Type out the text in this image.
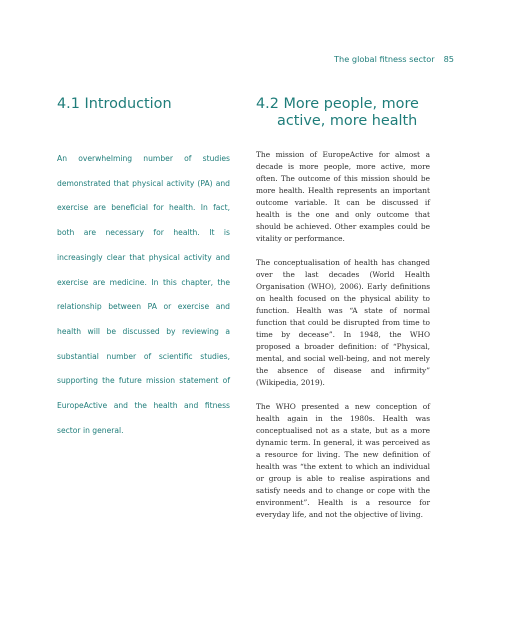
The global fitness sector 85
4.1 Introduction
An overwhelming number of studies demonstrated that physical activity (PA) and exercise are beneficial for health. In fact, both are necessary for health. It is increasingly clear that physical activity and exercise are medicine. In this chapter, the relationship between PA or exercise and health will be discussed by reviewing a substantial number of scientific studies, supporting the future mission statement of EuropeActive and the health and fitness sector in general.
4.2 More people, more
active, more health

The mission of EuropeActive for almost a decade is more people, more active, more often. The outcome of this mission should be more health. Health represents an important outcome variable. It can be discussed if health is the one and only outcome that should be achieved. Other examples could be vitality or performance.

The conceptualisation of health has changed over the last decades (World Health Organisation (WHO), 2006). Early definitions on health focused on the physical ability to function. Health was “A state of normal function that could be disrupted from time to time by decease”. In 1948, the WHO proposed a broader definition: of “Physical, mental, and social well-being, and not merely the absence of disease and infirmity” (Wikipedia, 2019).

The WHO presented a new conception of health again in the 1980s. Health was conceptualised not as a state, but as a more dynamic term. In general, it was perceived as a resource for living. The new definition of health was “the extent to which an individual or group is able to realise aspirations and satisfy needs and to change or cope with the environment”. Health is a resource for everyday life, and not the objective of living.
